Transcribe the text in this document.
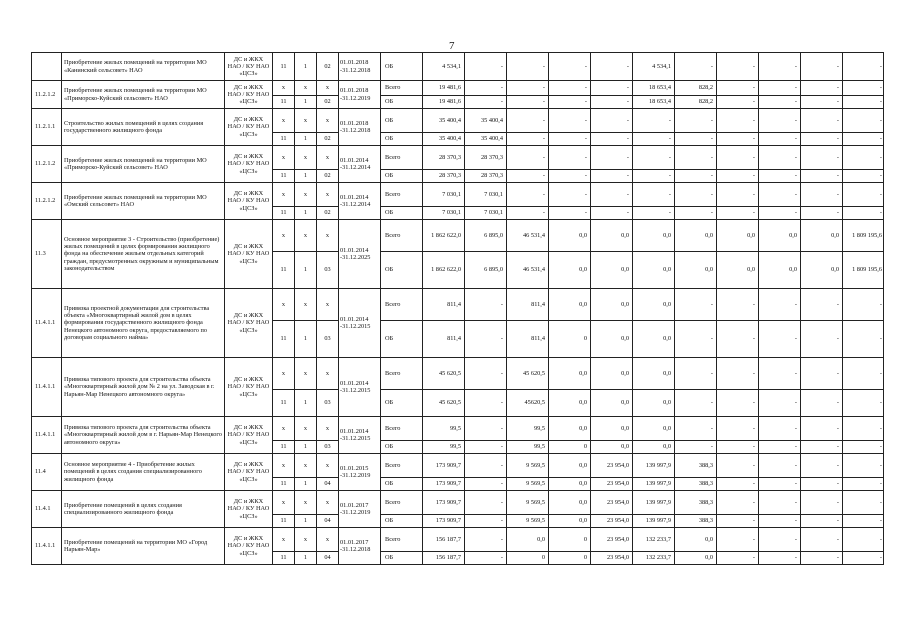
7
	Приобретение жилых помещений на территории МО «Канинский сельсовет» НАО	ДС и ЖКХ НАО / КУ НАО «ЦСЗ»	11	1	02	01.01.2018 -31.12.2018	ОБ	4 534,1	-	-	-	-	4 534,1	-	-	-	-	-
11.2.1.2	Приобретение жилых помещений на территории МО «Приморско-Куйский сельсовет» НАО	ДС и ЖКХ НАО / КУ НАО «ЦСЗ»	х	х	х	01.01.2018 -31.12.2019	Всего	19 481,6	-	-	-	-	18 653,4	828,2	-	-	-	-
			11	1	02		ОБ	19 481,6	-	-	-	-	18 653,4	828,2	-	-	-	-
11.2.1.1	Строительство жилых помещений в целях создания государственного жилищного фонда	ДС и ЖКХ НАО / КУ НАО «ЦСЗ»	х	х	х	01.01.2018 -31.12.2018	ОБ	35 400,4	35 400,4	-	-	-	-	-	-	-	-	-
			11	1	02		ОБ	35 400,4	35 400,4	-	-	-	-	-	-	-	-	-
11.2.1.2	Приобретение жилых помещений на территории МО «Приморско-Куйский сельсовет» НАО	ДС и ЖКХ НАО / КУ НАО «ЦСЗ»	х	х	х	01.01.2014 -31.12.2014	Всего	28 370,3	28 370,3	-	-	-	-	-	-	-	-	-
			11	1	02		ОБ	28 370,3	28 370,3	-	-	-	-	-	-	-	-	-
11.2.1.2	Приобретение жилых помещений на территории МО «Омский сельсовет» НАО	ДС и ЖКХ НАО / КУ НАО «ЦСЗ»	х	х	х	01.01.2014 -31.12.2014	Всего	7 030,1	7 030,1	-	-	-	-	-	-	-	-	-
			11	1	02		ОБ	7 030,1	7 030,1	-	-	-	-	-	-	-	-	-
11.3	Основное мероприятие 3 - Строительство (приобретение) жилых помещений в целях формирования жилищного фонда на обеспечение жильем отдельных категорий граждан, предусмотренных окружным и муниципальным законодательством	ДС и ЖКХ НАО / КУ НАО «ЦСЗ»	х	х	х	01.01.2014 -31.12.2025	Всего	1 862 622,0	6 895,0	46 531,4	0,0	0,0	0,0	0,0	0,0	0,0	0,0	1 809 195,6
			11	1	03		ОБ	1 862 622,0	6 895,0	46 531,4	0,0	0,0	0,0	0,0	0,0	0,0	0,0	1 809 195,6
11.4.1.1	Привязка проектной документации для строительства объекта «Многоквартирный жилой дом в целях формирования государственного жилищного фонда Ненецкого автономного округа, предоставляемого по договорам социального найма»	ДС и ЖКХ НАО / КУ НАО «ЦСЗ»	х	х	х	01.01.2014 -31.12.2015	Всего	811,4	-	811,4	0,0	0,0	0,0	-	-	-	-	-
			11	1	03		ОБ	811,4	-	811,4	0	0,0	0,0	-	-	-	-	-
11.4.1.1	Привязка типового проекта для строительства объекта «Многоквартирный жилой дом № 2 на ул. Заводская в г. Нарьян-Мар Ненецкого автономного округа»	ДС и ЖКХ НАО / КУ НАО «ЦСЗ»	х	х	х	01.01.2014 -31.12.2015	Всего	45 620,5	-	45 620,5	0,0	0,0	0,0	-	-	-	-	-
			11	1	03		ОБ	45 620,5	-	45620,5	0,0	0,0	0,0	-	-	-	-	-
11.4.1.1	Привязка типового проекта для строительства объекта «Многоквартирный жилой дом в г. Нарьян-Мар Ненецкого автономного округа»	ДС и ЖКХ НАО / КУ НАО «ЦСЗ»	х	х	х	01.01.2014 -31.12.2015	Всего	99,5	-	99,5	0,0	0,0	0,0	-	-	-	-	-
			11	1	03		ОБ	99,5	-	99,5	0	0,0	0,0	-	-	-	-	-
11.4	Основное мероприятие 4 - Приобретение жилых помещений в целях создания специализированного жилищного фонда	ДС и ЖКХ НАО / КУ НАО «ЦСЗ»	х	х	х	01.01.2015 -31.12.2019	Всего	173 909,7	-	9 569,5	0,0	23 954,0	139 997,9	388,3	-	-	-	-
			11	1	04		ОБ	173 909,7	-	9 569,5	0,0	23 954,0	139 997,9	388,3	-	-	-	-
11.4.1	Приобретение помещений в целях создания специализированного жилищного фонда	ДС и ЖКХ НАО / КУ НАО «ЦСЗ»	х	х	х	01.01.2017 -31.12.2019	Всего	173 909,7	-	9 569,5	0,0	23 954,0	139 997,9	388,3	-	-	-	-
			11	1	04		ОБ	173 909,7	-	9 569,5	0,0	23 954,0	139 997,9	388,3	-	-	-	-
11.4.1.1	Приобретение помещений на территории МО «Город Нарьян-Мар»	ДС и ЖКХ НАО / КУ НАО «ЦСЗ»	х	х	х	01.01.2017 -31.12.2018	Всего	156 187,7	-	0,0	0	23 954,0	132 233,7	0,0	-	-	-	-
			11	1	04		ОБ	156 187,7	-	0	0	23 954,0	132 233,7	0,0	-	-	-	-
